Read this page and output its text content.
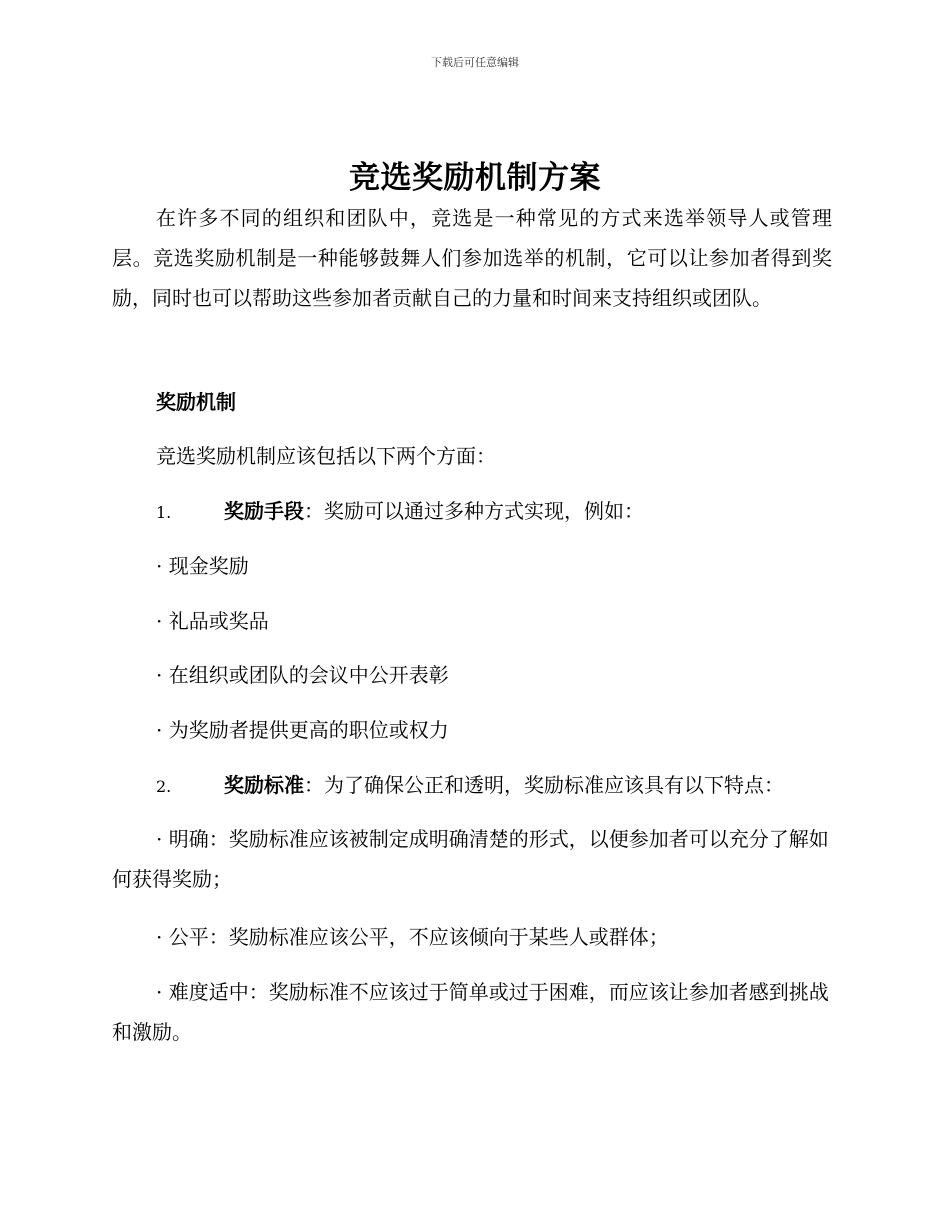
下载后可任意编辑
竞选奖励机制方案
在许多不同的组织和团队中，竞选是一种常见的方式来选举领导人或管理层。竞选奖励机制是一种能够鼓舞人们参加选举的机制，它可以让参加者得到奖励，同时也可以帮助这些参加者贡献自己的力量和时间来支持组织或团队。
奖励机制
竞选奖励机制应该包括以下两个方面：
1.	奖励手段：奖励可以通过多种方式实现，例如：
· 现金奖励
· 礼品或奖品
· 在组织或团队的会议中公开表彰
· 为奖励者提供更高的职位或权力
2.	奖励标准：为了确保公正和透明，奖励标准应该具有以下特点：
· 明确：奖励标准应该被制定成明确清楚的形式，以便参加者可以充分了解如何获得奖励；
· 公平：奖励标准应该公平，不应该倾向于某些人或群体；
· 难度适中：奖励标准不应该过于简单或过于困难，而应该让参加者感到挑战和激励。
